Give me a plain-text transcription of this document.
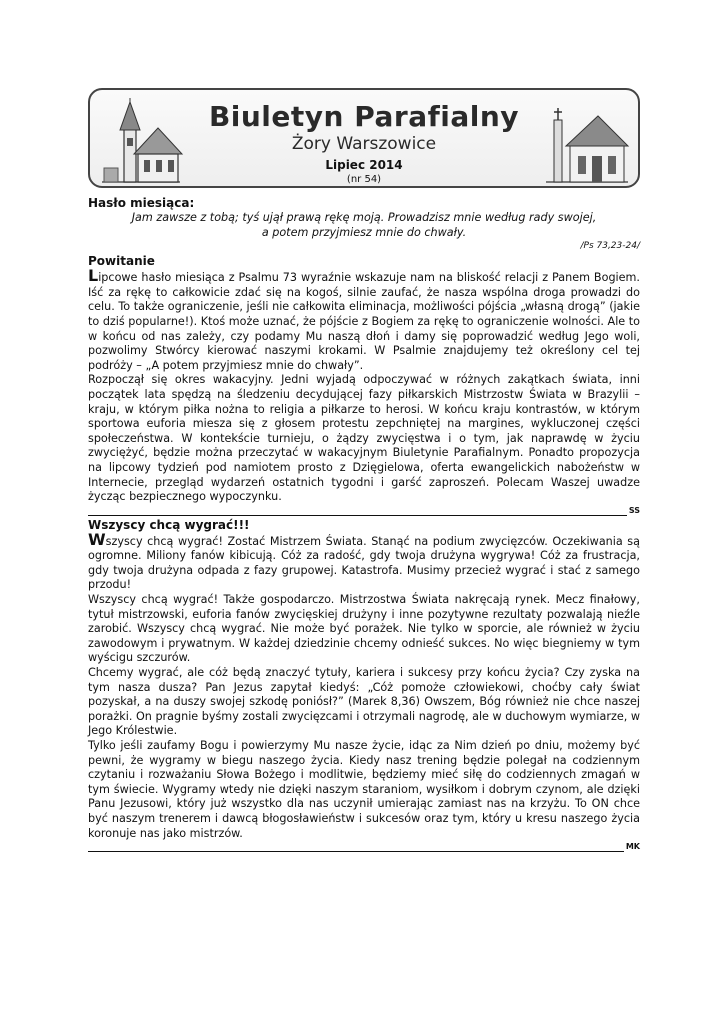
Biuletyn Parafialny
Żory Warszowice
Lipiec 2014
(nr 54)
Hasło miesiąca:

Jam zawsze z tobą; tyś ujął prawą rękę moją. Prowadzisz mnie według rady swojej,

a potem przyjmiesz mnie do chwały.

/Ps 73,23-24/

Powitanie

Lipcowe hasło miesiąca z Psalmu 73 wyraźnie wskazuje nam na bliskość relacji z Panem Bogiem. Iść za rękę to całkowicie zdać się na kogoś, silnie zaufać, że nasza wspólna droga prowadzi do celu. To także ograniczenie, jeśli nie całkowita eliminacja, możliwości pójścia „własną drogą” (jakie to dziś popularne!). Ktoś może uznać, że pójście z Bogiem za rękę to ograniczenie wolności. Ale to w końcu od nas zależy, czy podamy Mu naszą dłoń i damy się poprowadzić według Jego woli, pozwolimy Stwórcy kierować naszymi krokami. W Psalmie znajdujemy też określony cel tej podróży – „A potem przyjmiesz mnie do chwały”.

Rozpoczął się okres wakacyjny. Jedni wyjadą odpoczywać w różnych zakątkach świata, inni początek lata spędzą na śledzeniu decydującej fazy piłkarskich Mistrzostw Świata w Brazylii – kraju, w którym piłka nożna to religia a piłkarze to herosi. W końcu kraju kontrastów, w którym sportowa euforia miesza się z głosem protestu zepchniętej na margines, wykluczonej części społeczeństwa. W kontekście turnieju, o żądzy zwycięstwa i o tym, jak naprawdę w życiu zwyciężyć, będzie można przeczytać w wakacyjnym Biuletynie Parafialnym. Ponadto propozycja na lipcowy tydzień pod namiotem prosto z Dzięgielowa, oferta ewangelickich nabożeństw w Internecie, przegląd wydarzeń ostatnich tygodni i garść zaproszeń. Polecam Waszej uwadze życząc bezpiecznego wypoczynku.

SS
Wszyscy chcą wygrać!!!

Wszyscy chcą wygrać! Zostać Mistrzem Świata. Stanąć na podium zwycięzców. Oczekiwania są ogromne. Miliony fanów kibicują. Cóż za radość, gdy twoja drużyna wygrywa! Cóż za frustracja, gdy twoja drużyna odpada z fazy grupowej. Katastrofa. Musimy przecież wygrać i stać z samego przodu!

Wszyscy chcą wygrać! Także gospodarczo. Mistrzostwa Świata nakręcają rynek. Mecz finałowy, tytuł mistrzowski, euforia fanów zwycięskiej drużyny i inne pozytywne rezultaty pozwalają nieźle zarobić. Wszyscy chcą wygrać. Nie może być porażek. Nie tylko w sporcie, ale również w życiu zawodowym i prywatnym. W każdej dziedzinie chcemy odnieść sukces. No więc biegniemy w tym wyścigu szczurów.

Chcemy wygrać, ale cóż będą znaczyć tytuły, kariera i sukcesy przy końcu życia? Czy zyska na tym nasza dusza? Pan Jezus zapytał kiedyś: „Cóż pomoże człowiekowi, choćby cały świat pozyskał, a na duszy swojej szkodę poniósł?” (Marek 8,36) Owszem, Bóg również nie chce naszej porażki. On pragnie byśmy zostali zwycięzcami i otrzymali nagrodę, ale w duchowym wymiarze, w Jego Królestwie.

Tylko jeśli zaufamy Bogu i powierzymy Mu nasze życie, idąc za Nim dzień po dniu, możemy być pewni, że wygramy w biegu naszego życia. Kiedy nasz trening będzie polegał na codziennym czytaniu i rozważaniu Słowa Bożego i modlitwie, będziemy mieć siłę do codziennych zmagań w tym świecie. Wygramy wtedy nie dzięki naszym staraniom, wysiłkom i dobrym czynom, ale dzięki Panu Jezusowi, który już wszystko dla nas uczynił umierając zamiast nas na krzyżu. To ON chce być naszym trenerem i dawcą błogosławieństw i sukcesów oraz tym, który u kresu naszego życia koronuje nas jako mistrzów.

MK
